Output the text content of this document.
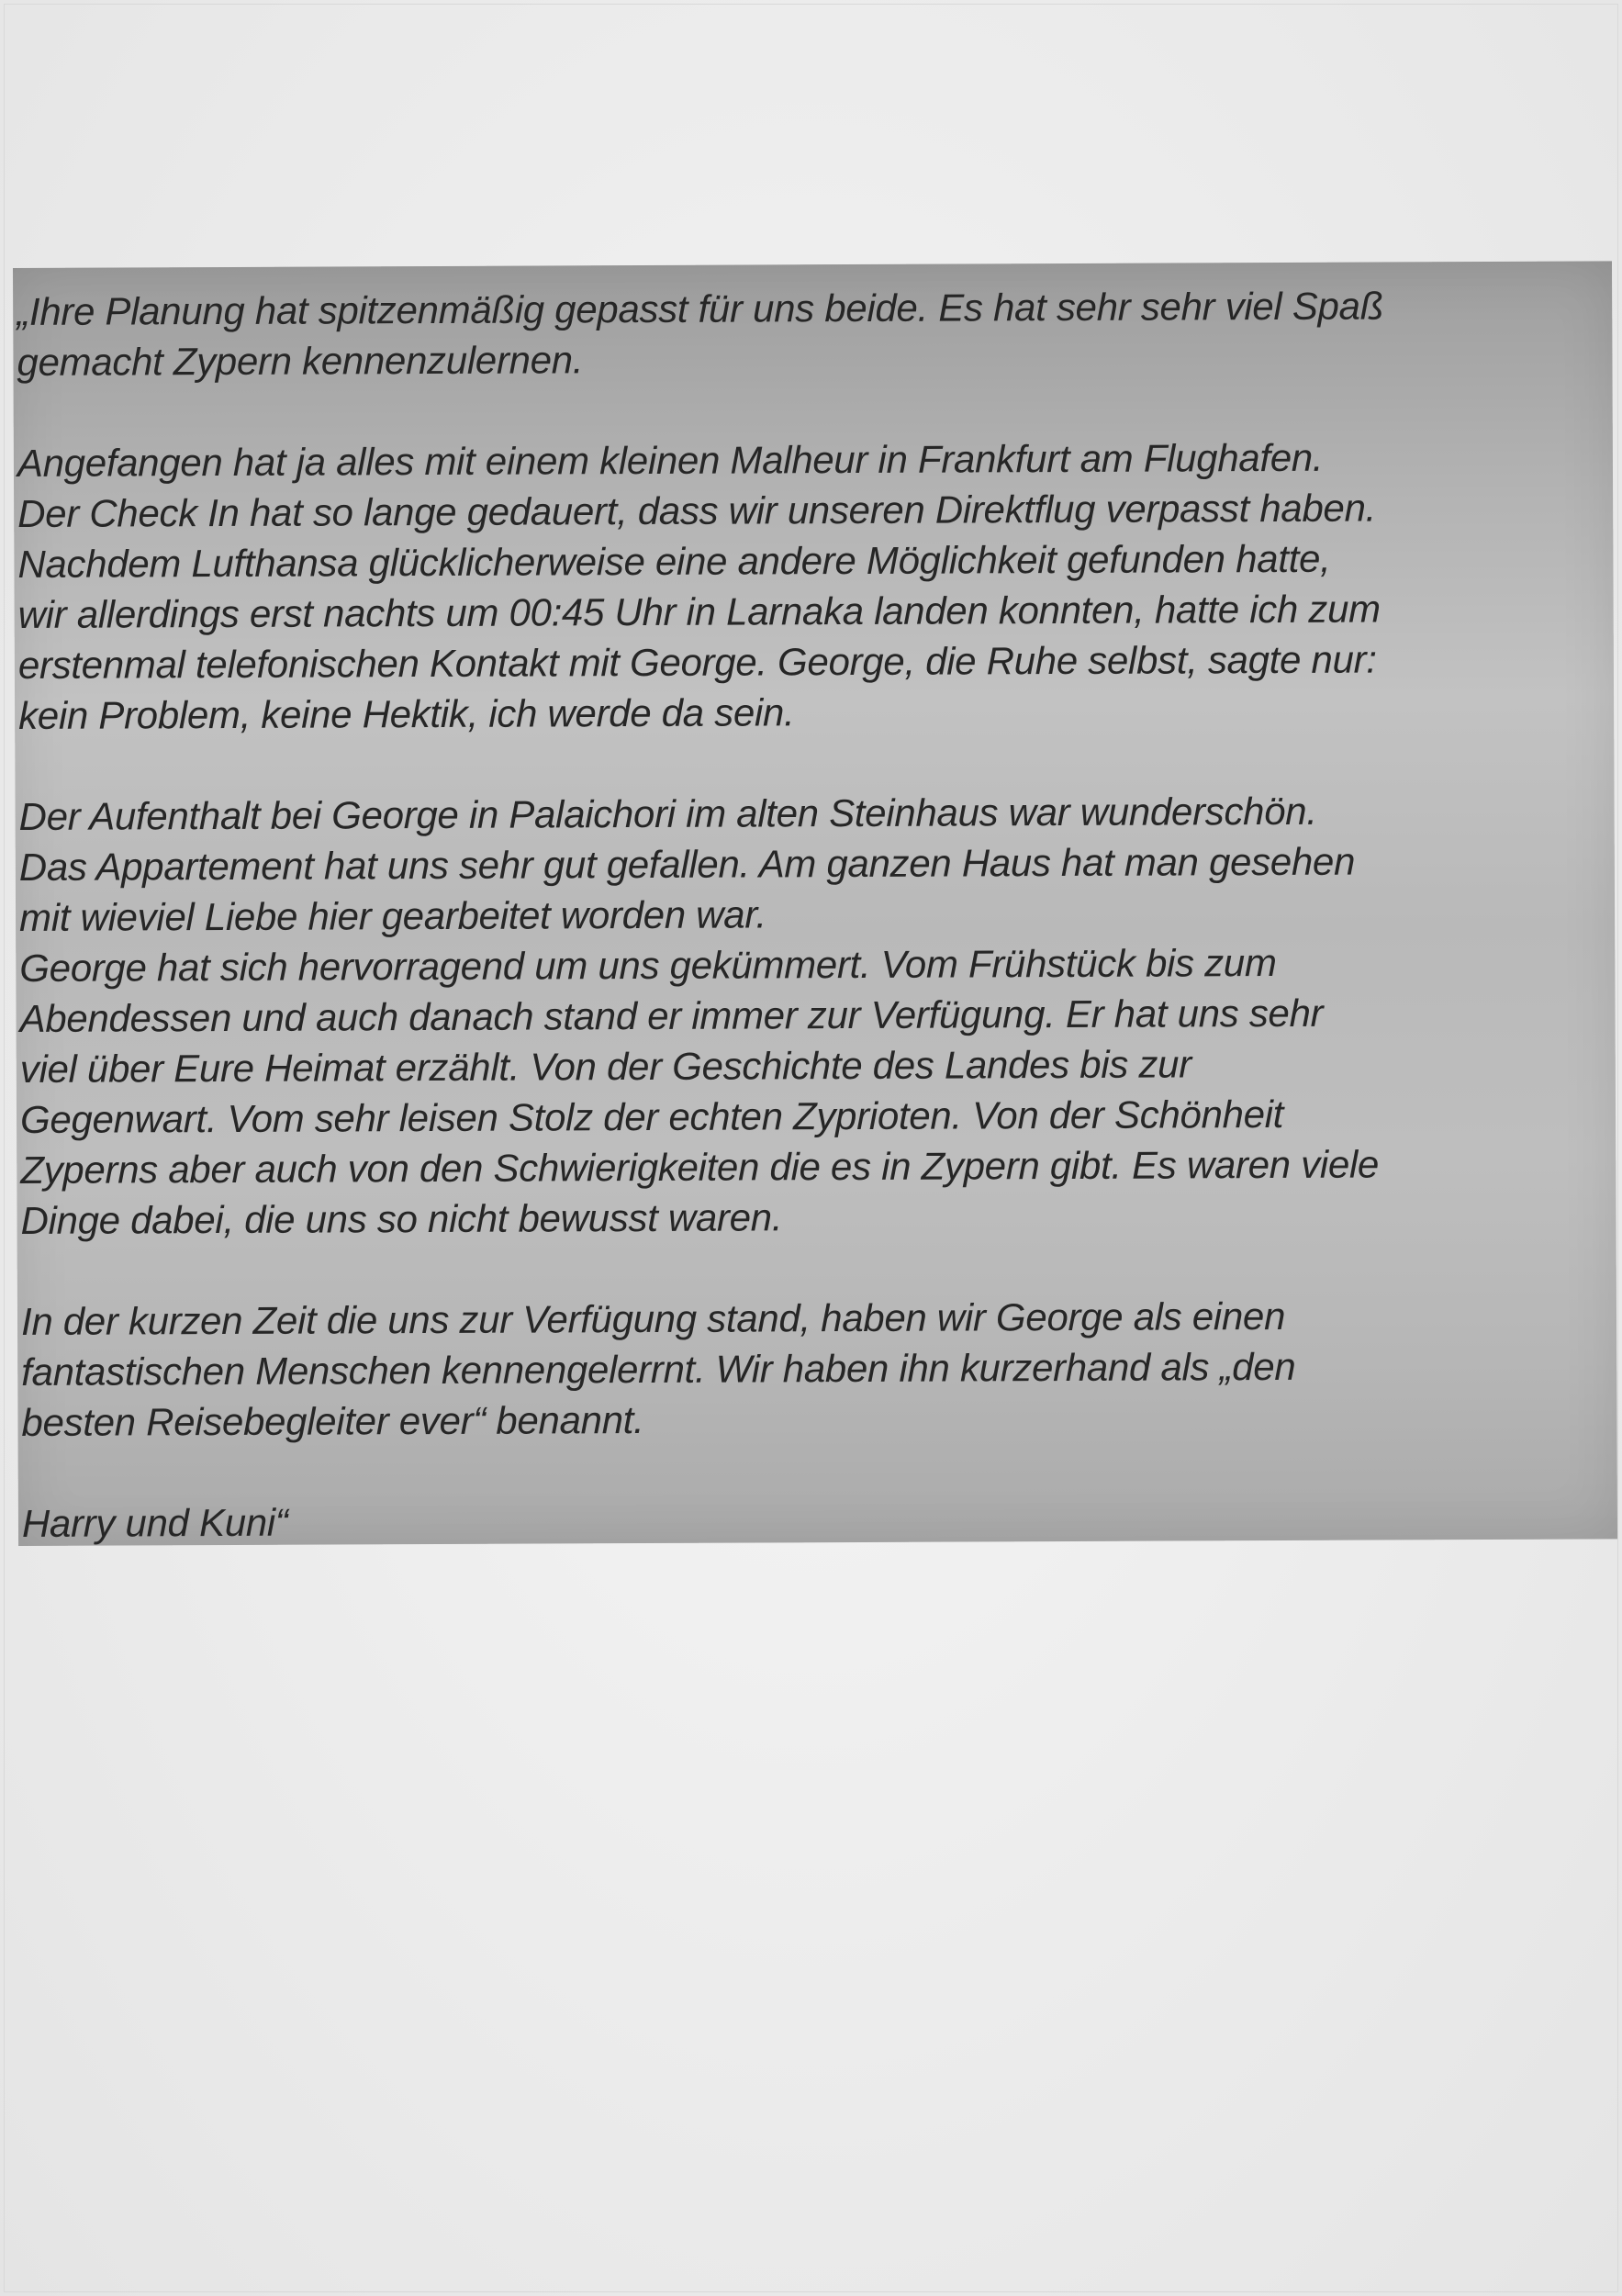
„Ihre Planung hat spitzenmäßig gepasst für uns beide. Es hat sehr sehr viel Spaß
gemacht Zypern kennenzulernen.

Angefangen hat ja alles mit einem kleinen Malheur in Frankfurt am Flughafen.
Der Check In hat so lange gedauert, dass wir unseren Direktflug verpasst haben.
Nachdem Lufthansa glücklicherweise eine andere Möglichkeit gefunden hatte,
wir allerdings erst nachts um 00:45 Uhr in Larnaka landen konnten, hatte ich zum
erstenmal telefonischen Kontakt mit George. George, die Ruhe selbst, sagte nur:
kein Problem, keine Hektik, ich werde da sein.

Der Aufenthalt bei George in Palaichori im alten Steinhaus war wunderschön.
Das Appartement hat uns sehr gut gefallen. Am ganzen Haus hat man gesehen
mit wieviel Liebe hier gearbeitet worden war.
George hat sich hervorragend um uns gekümmert. Vom Frühstück bis zum
Abendessen und auch danach stand er immer zur Verfügung. Er hat uns sehr
viel über Eure Heimat erzählt. Von der Geschichte des Landes bis zur
Gegenwart. Vom sehr leisen Stolz der echten Zyprioten. Von der Schönheit
Zyperns aber auch von den Schwierigkeiten die es in Zypern gibt. Es waren viele
Dinge dabei, die uns so nicht bewusst waren.

In der kurzen Zeit die uns zur Verfügung stand, haben wir George als einen
fantastischen Menschen kennengelerrnt. Wir haben ihn kurzerhand als „den
besten Reisebegleiter ever“ benannt.

Harry und Kuni“
